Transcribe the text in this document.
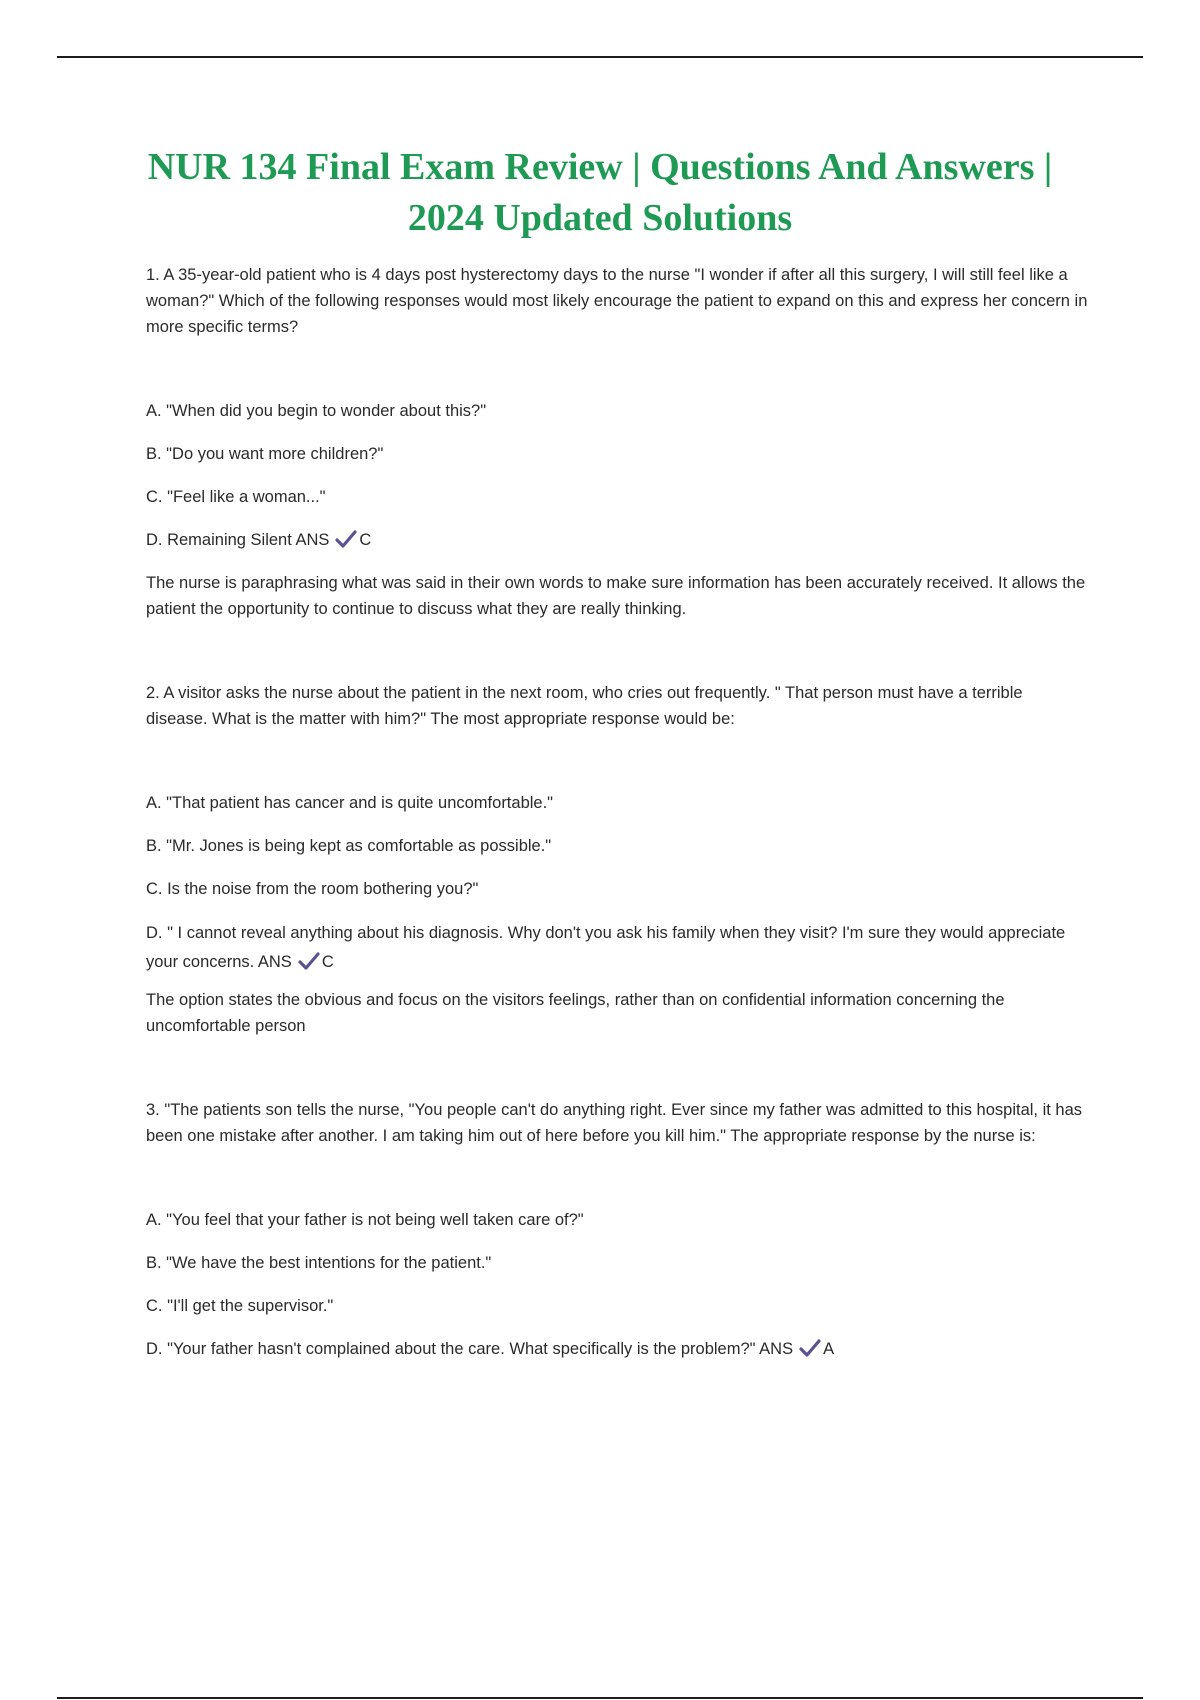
NUR 134 Final Exam Review | Questions And Answers | 2024 Updated Solutions

1. A 35-year-old patient who is 4 days post hysterectomy days to the nurse "I wonder if after all this surgery, I will still feel like a woman?" Which of the following responses would most likely encourage the patient to expand on this and express her concern in more specific terms?

A. "When did you begin to wonder about this?"

B. "Do you want more children?"

C. "Feel like a woman..."

D. Remaining Silent ANS C

The nurse is paraphrasing what was said in their own words to make sure information has been accurately received. It allows the patient the opportunity to continue to discuss what they are really thinking.

2. A visitor asks the nurse about the patient in the next room, who cries out frequently. " That person must have a terrible disease. What is the matter with him?" The most appropriate response would be:

A. "That patient has cancer and is quite uncomfortable."

B. "Mr. Jones is being kept as comfortable as possible."

C. Is the noise from the room bothering you?"

D. " I cannot reveal anything about his diagnosis. Why don't you ask his family when they visit? I'm sure they would appreciate your concerns. ANS C

The option states the obvious and focus on the visitors feelings, rather than on confidential information concerning the uncomfortable person

3. "The patients son tells the nurse, "You people can't do anything right. Ever since my father was admitted to this hospital, it has been one mistake after another. I am taking him out of here before you kill him." The appropriate response by the nurse is:

A. "You feel that your father is not being well taken care of?"

B. "We have the best intentions for the patient."

C. "I'll get the supervisor."

D. "Your father hasn't complained about the care. What specifically is the problem?" ANS A
